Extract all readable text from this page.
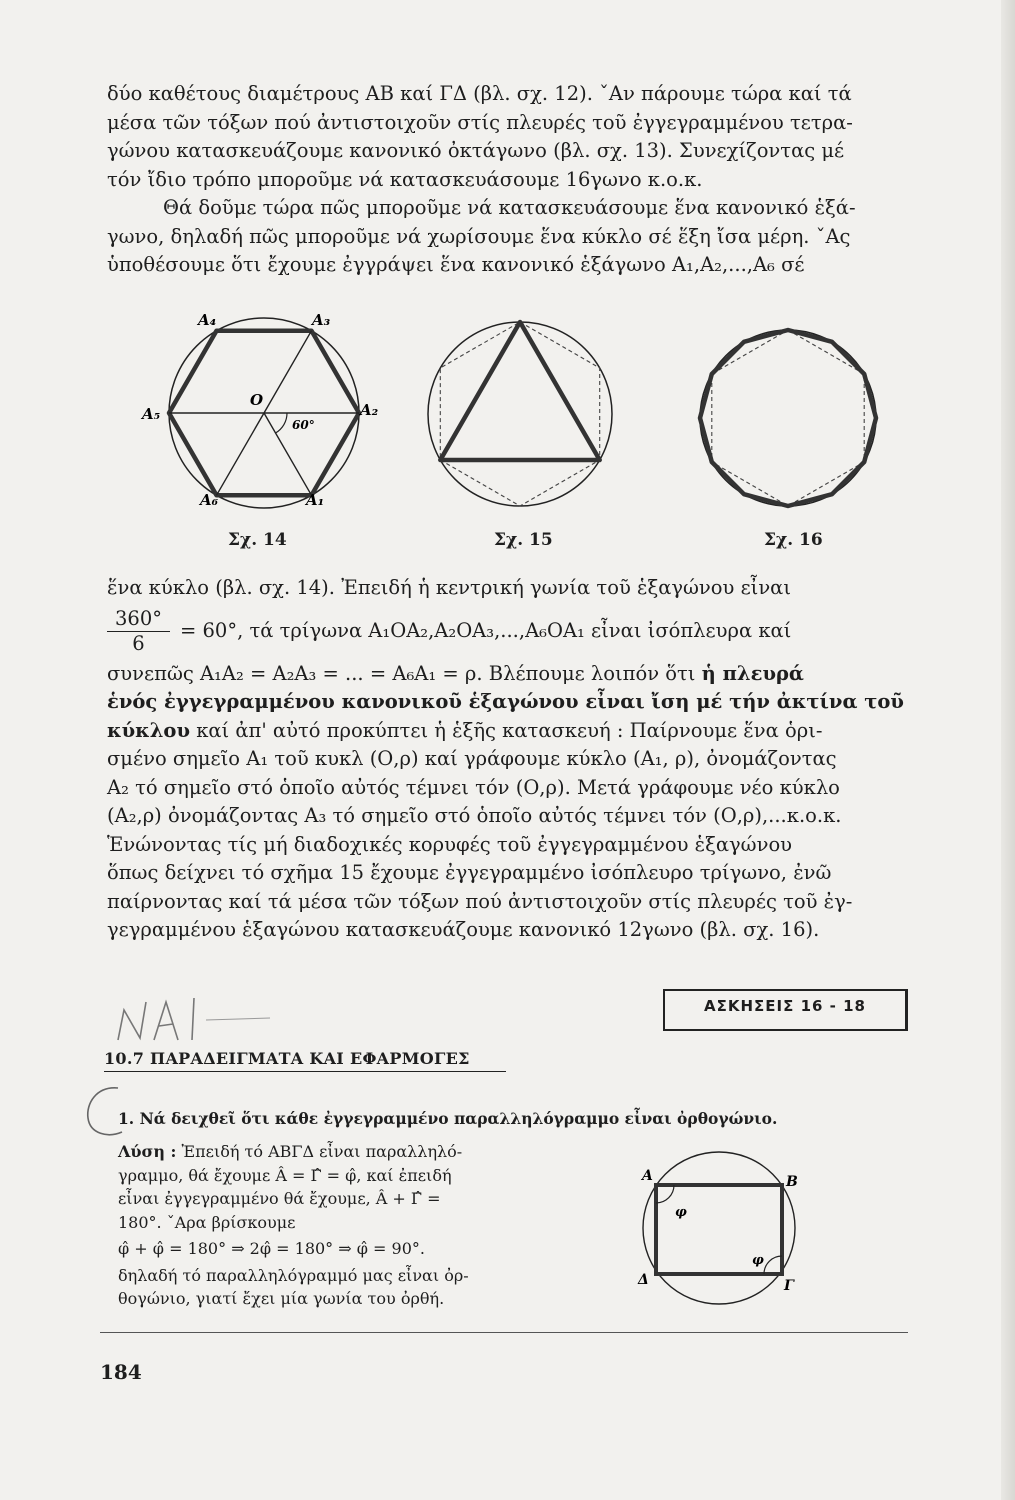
δύο καθέτους διαμέτρους ΑΒ καί ΓΔ (βλ. σχ. 12). ˇΑν πάρουμε τώρα καί τά

μέσα τῶν τόξων πού ἀντιστοιχοῦν στίς πλευρές τοῦ ἐγγεγραμμένου τετρα-

γώνου κατασκευάζουμε κανονικό ὀκτάγωνο (βλ. σχ. 13). Συνεχίζοντας μέ

τόν ἴδιο τρόπο μποροῦμε νά κατασκευάσουμε 16γωνο κ.ο.κ.

Θά δοῦμε τώρα πῶς μποροῦμε νά κατασκευάσουμε ἕνα κανονικό ἑξά-

γωνο, δηλαδή πῶς μποροῦμε νά χωρίσουμε ἕνα κύκλο σέ ἕξη ἴσα μέρη. ˇΑς

ὑποθέσουμε ὅτι ἔχουμε ἐγγράψει ἕνα κανονικό ἑξάγωνο Α₁,Α₂,...,Α₆ σέ

A₄	A₃
A₅	A₂
A₆	A₁
O
60°
Σχ. 14	Σχ. 15	Σχ. 16

ἕνα κύκλο (βλ. σχ. 14). Ἐπειδή ἡ κεντρική γωνία τοῦ ἑξαγώνου εἶναι

$\frac{360^\circ}{6} = 60^\circ$, τά τρίγωνα Α₁ΟΑ₂,Α₂ΟΑ₃,...,Α₆ΟΑ₁ εἶναι ἰσόπλευρα καί

συνεπῶς Α₁Α₂ = Α₂Α₃ = ... = Α₆Α₁ = ρ. Βλέπουμε λοιπόν ὅτι ἡ πλευρά

ἑνός ἐγγεγραμμένου κανονικοῦ ἑξαγώνου εἶναι ἴση μέ τήν ἀκτίνα τοῦ

κύκλου καί ἀπ' αὐτό προκύπτει ἡ ἑξῆς κατασκευή : Παίρνουμε ἕνα ὁρι-

σμένο σημεῖο Α₁ τοῦ κυκλ (Ο,ρ) καί γράφουμε κύκλο (Α₁, ρ), ὀνομάζοντας

Α₂ τό σημεῖο στό ὁποῖο αὐτός τέμνει τόν (Ο,ρ). Μετά γράφουμε νέο κύκλο

(Α₂,ρ) ὀνομάζοντας Α₃ τό σημεῖο στό ὁποῖο αὐτός τέμνει τόν (Ο,ρ),...κ.ο.κ.

Ἑνώνοντας τίς μή διαδοχικές κορυφές τοῦ ἐγγεγραμμένου ἑξαγώνου

ὅπως δείχνει τό σχῆμα 15 ἔχουμε ἐγγεγραμμένο ἰσόπλευρο τρίγωνο, ἐνῶ

παίρνοντας καί τά μέσα τῶν τόξων πού ἀντιστοιχοῦν στίς πλευρές τοῦ ἐγ-

γεγραμμένου ἑξαγώνου κατασκευάζουμε κανονικό 12γωνο (βλ. σχ. 16).

ΑΣΚΗΣΕΙΣ 16 - 18
10.7 ΠΑΡΑΔΕΙΓΜΑΤΑ ΚΑΙ ΕΦΑΡΜΟΓΕΣ
1. Νά δειχθεῖ ὅτι κάθε ἐγγεγραμμένο παραλληλόγραμμο εἶναι ὀρθογώνιο.

Λύση : Ἐπειδή τό ΑΒΓΔ εἶναι παραλληλό-

γραμμο, θά ἔχουμε Â = Γ̂ = φ̂, καί ἐπειδή

εἶναι ἐγγεγραμμένο θά ἔχουμε, Â + Γ̂ =

180°. ˇΑρα βρίσκουμε

φ̂ + φ̂ = 180° ⇒ 2φ̂ = 180° ⇒ φ̂ = 90°.

δηλαδή τό παραλληλόγραμμό μας εἶναι ὀρ-

θογώνιο, γιατί ἔχει μία γωνία του ὀρθή.

A	B
Γ
Δ
φ
φ
184
